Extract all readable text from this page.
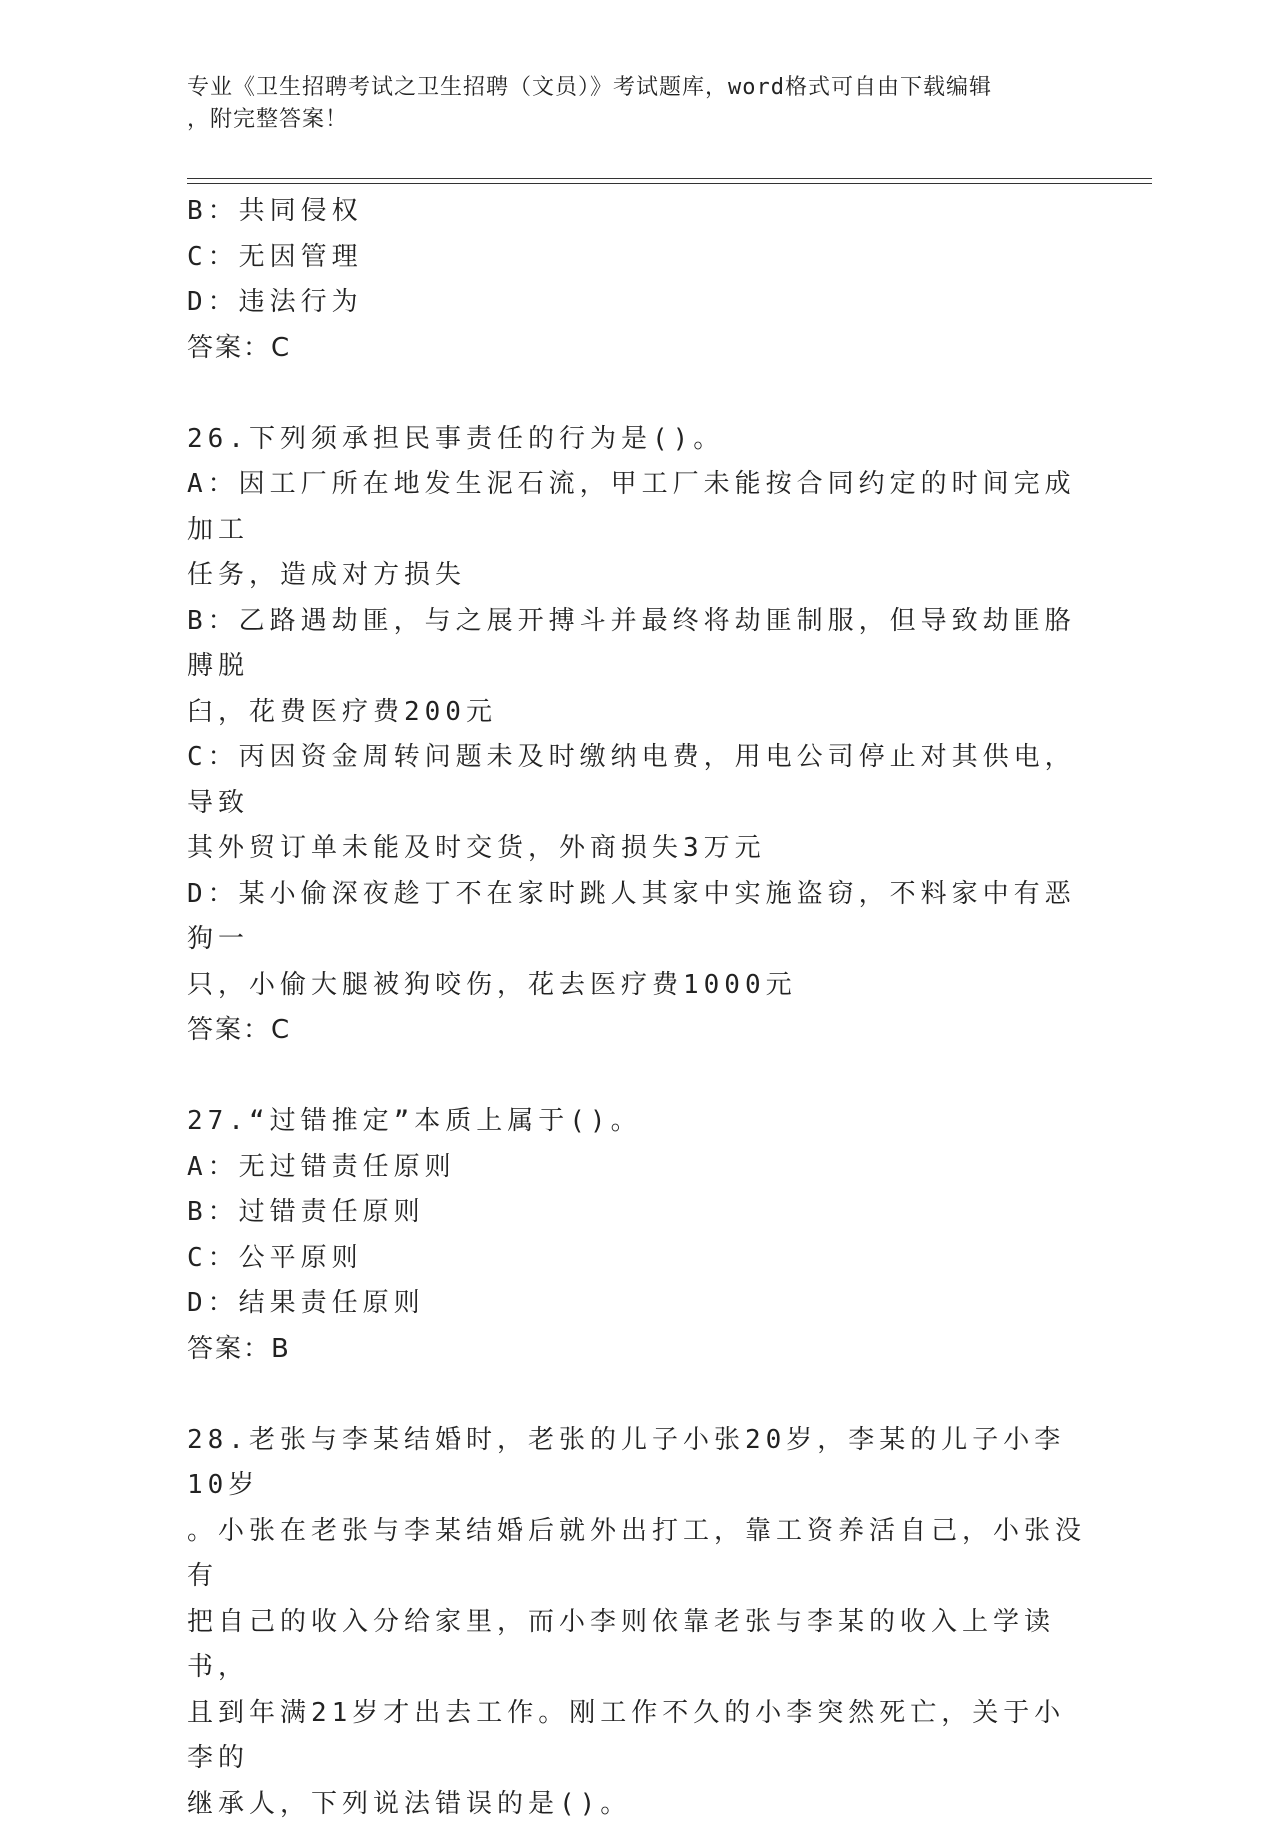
专业《卫生招聘考试之卫生招聘（文员）》考试题库，word格式可自由下载编辑
，附完整答案！

B：共同侵权

C：无因管理

D：违法行为

答案：C

26.下列须承担民事责任的行为是()。

A：因工厂所在地发生泥石流，甲工厂未能按合同约定的时间完成加工

任务，造成对方损失

B：乙路遇劫匪，与之展开搏斗并最终将劫匪制服，但导致劫匪胳膊脱

臼，花费医疗费200元

C：丙因资金周转问题未及时缴纳电费，用电公司停止对其供电，导致

其外贸订单未能及时交货，外商损失3万元

D：某小偷深夜趁丁不在家时跳人其家中实施盗窃，不料家中有恶狗一

只，小偷大腿被狗咬伤，花去医疗费1000元

答案：C

27.“过错推定”本质上属于()。

A：无过错责任原则

B：过错责任原则

C：公平原则

D：结果责任原则

答案：B

28.老张与李某结婚时，老张的儿子小张20岁，李某的儿子小李10岁

。小张在老张与李某结婚后就外出打工，靠工资养活自己，小张没有

把自己的收入分给家里，而小李则依靠老张与李某的收入上学读书，

且到年满21岁才出去工作。刚工作不久的小李突然死亡，关于小李的

继承人，下列说法错误的是()。
